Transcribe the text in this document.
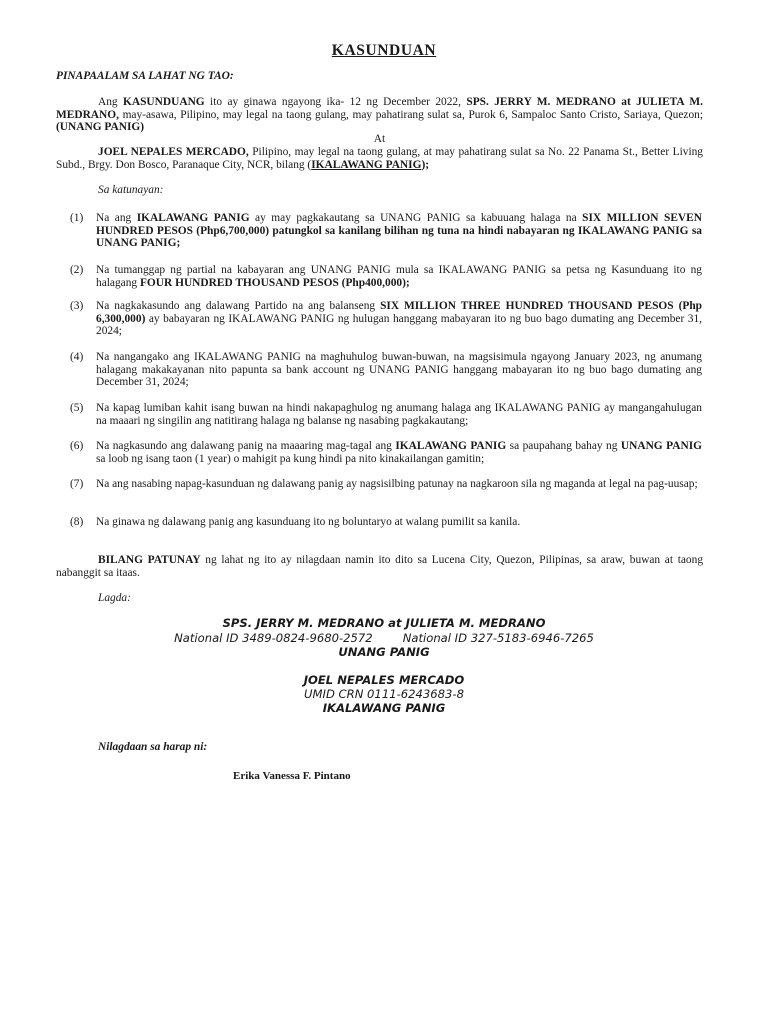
KASUNDUAN

PINAPAALAM SA LAHAT NG TAO:

Ang KASUNDUANG ito ay ginawa ngayong ika- 12 ng December 2022, SPS. JERRY M. MEDRANO at JULIETA M. MEDRANO, may-asawa, Pilipino, may legal na taong gulang, may pahatirang sulat sa, Purok 6, Sampaloc Santo Cristo, Sariaya, Quezon; (UNANG PANIG)

At

JOEL NEPALES MERCADO, Pilipino, may legal na taong gulang, at may pahatirang sulat sa No. 22 Panama St., Better Living Subd., Brgy. Don Bosco, Paranaque City, NCR, bilang (IKALAWANG PANIG);

Sa katunayan:

(1) Na ang IKALAWANG PANIG ay may pagkakautang sa UNANG PANIG sa kabuuang halaga na SIX MILLION SEVEN HUNDRED PESOS (Php6,700,000) patungkol sa kanilang bilihan ng tuna na hindi nabayaran ng IKALAWANG PANIG sa UNANG PANIG;

(2) Na tumanggap ng partial na kabayaran ang UNANG PANIG mula sa IKALAWANG PANIG sa petsa ng Kasunduang ito ng halagang FOUR HUNDRED THOUSAND PESOS (Php400,000);

(3) Na nagkakasundo ang dalawang Partido na ang balanseng SIX MILLION THREE HUNDRED THOUSAND PESOS (Php 6,300,000) ay babayaran ng IKALAWANG PANIG ng hulugan hanggang mabayaran ito ng buo bago dumating ang December 31, 2024;

(4) Na nangangako ang IKALAWANG PANIG na maghuhulog buwan-buwan, na magsisimula ngayong January 2023, ng anumang halagang makakayanan nito papunta sa bank account ng UNANG PANIG hanggang mabayaran ito ng buo bago dumating ang December 31, 2024;

(5) Na kapag lumiban kahit isang buwan na hindi nakapaghulog ng anumang halaga ang IKALAWANG PANIG ay mangangahulugan na maaari ng singilin ang natitirang halaga ng balanse ng nasabing pagkakautang;

(6) Na nagkasundo ang dalawang panig na maaaring mag-tagal ang IKALAWANG PANIG sa paupahang bahay ng UNANG PANIG sa loob ng isang taon (1 year) o mahigit pa kung hindi pa nito kinakailangan gamitin;

(7) Na ang nasabing napag-kasunduan ng dalawang panig ay nagsisilbing patunay na nagkaroon sila ng maganda at legal na pag-uusap;

(8) Na ginawa ng dalawang panig ang kasunduang ito ng boluntaryo at walang pumilit sa kanila.

BILANG PATUNAY ng lahat ng ito ay nilagdaan namin ito dito sa Lucena City, Quezon, Pilipinas, sa araw, buwan at taong nabanggit sa itaas.

Lagda:

SPS. JERRY M. MEDRANO at JULIETA M. MEDRANO

National ID 3489-0824-9680-2572	National ID 327-5183-6946-7265

UNANG PANIG

JOEL NEPALES MERCADO

UMID CRN 0111-6243683-8

IKALAWANG PANIG

Nilagdaan sa harap ni:

Erika Vanessa F. Pintano
